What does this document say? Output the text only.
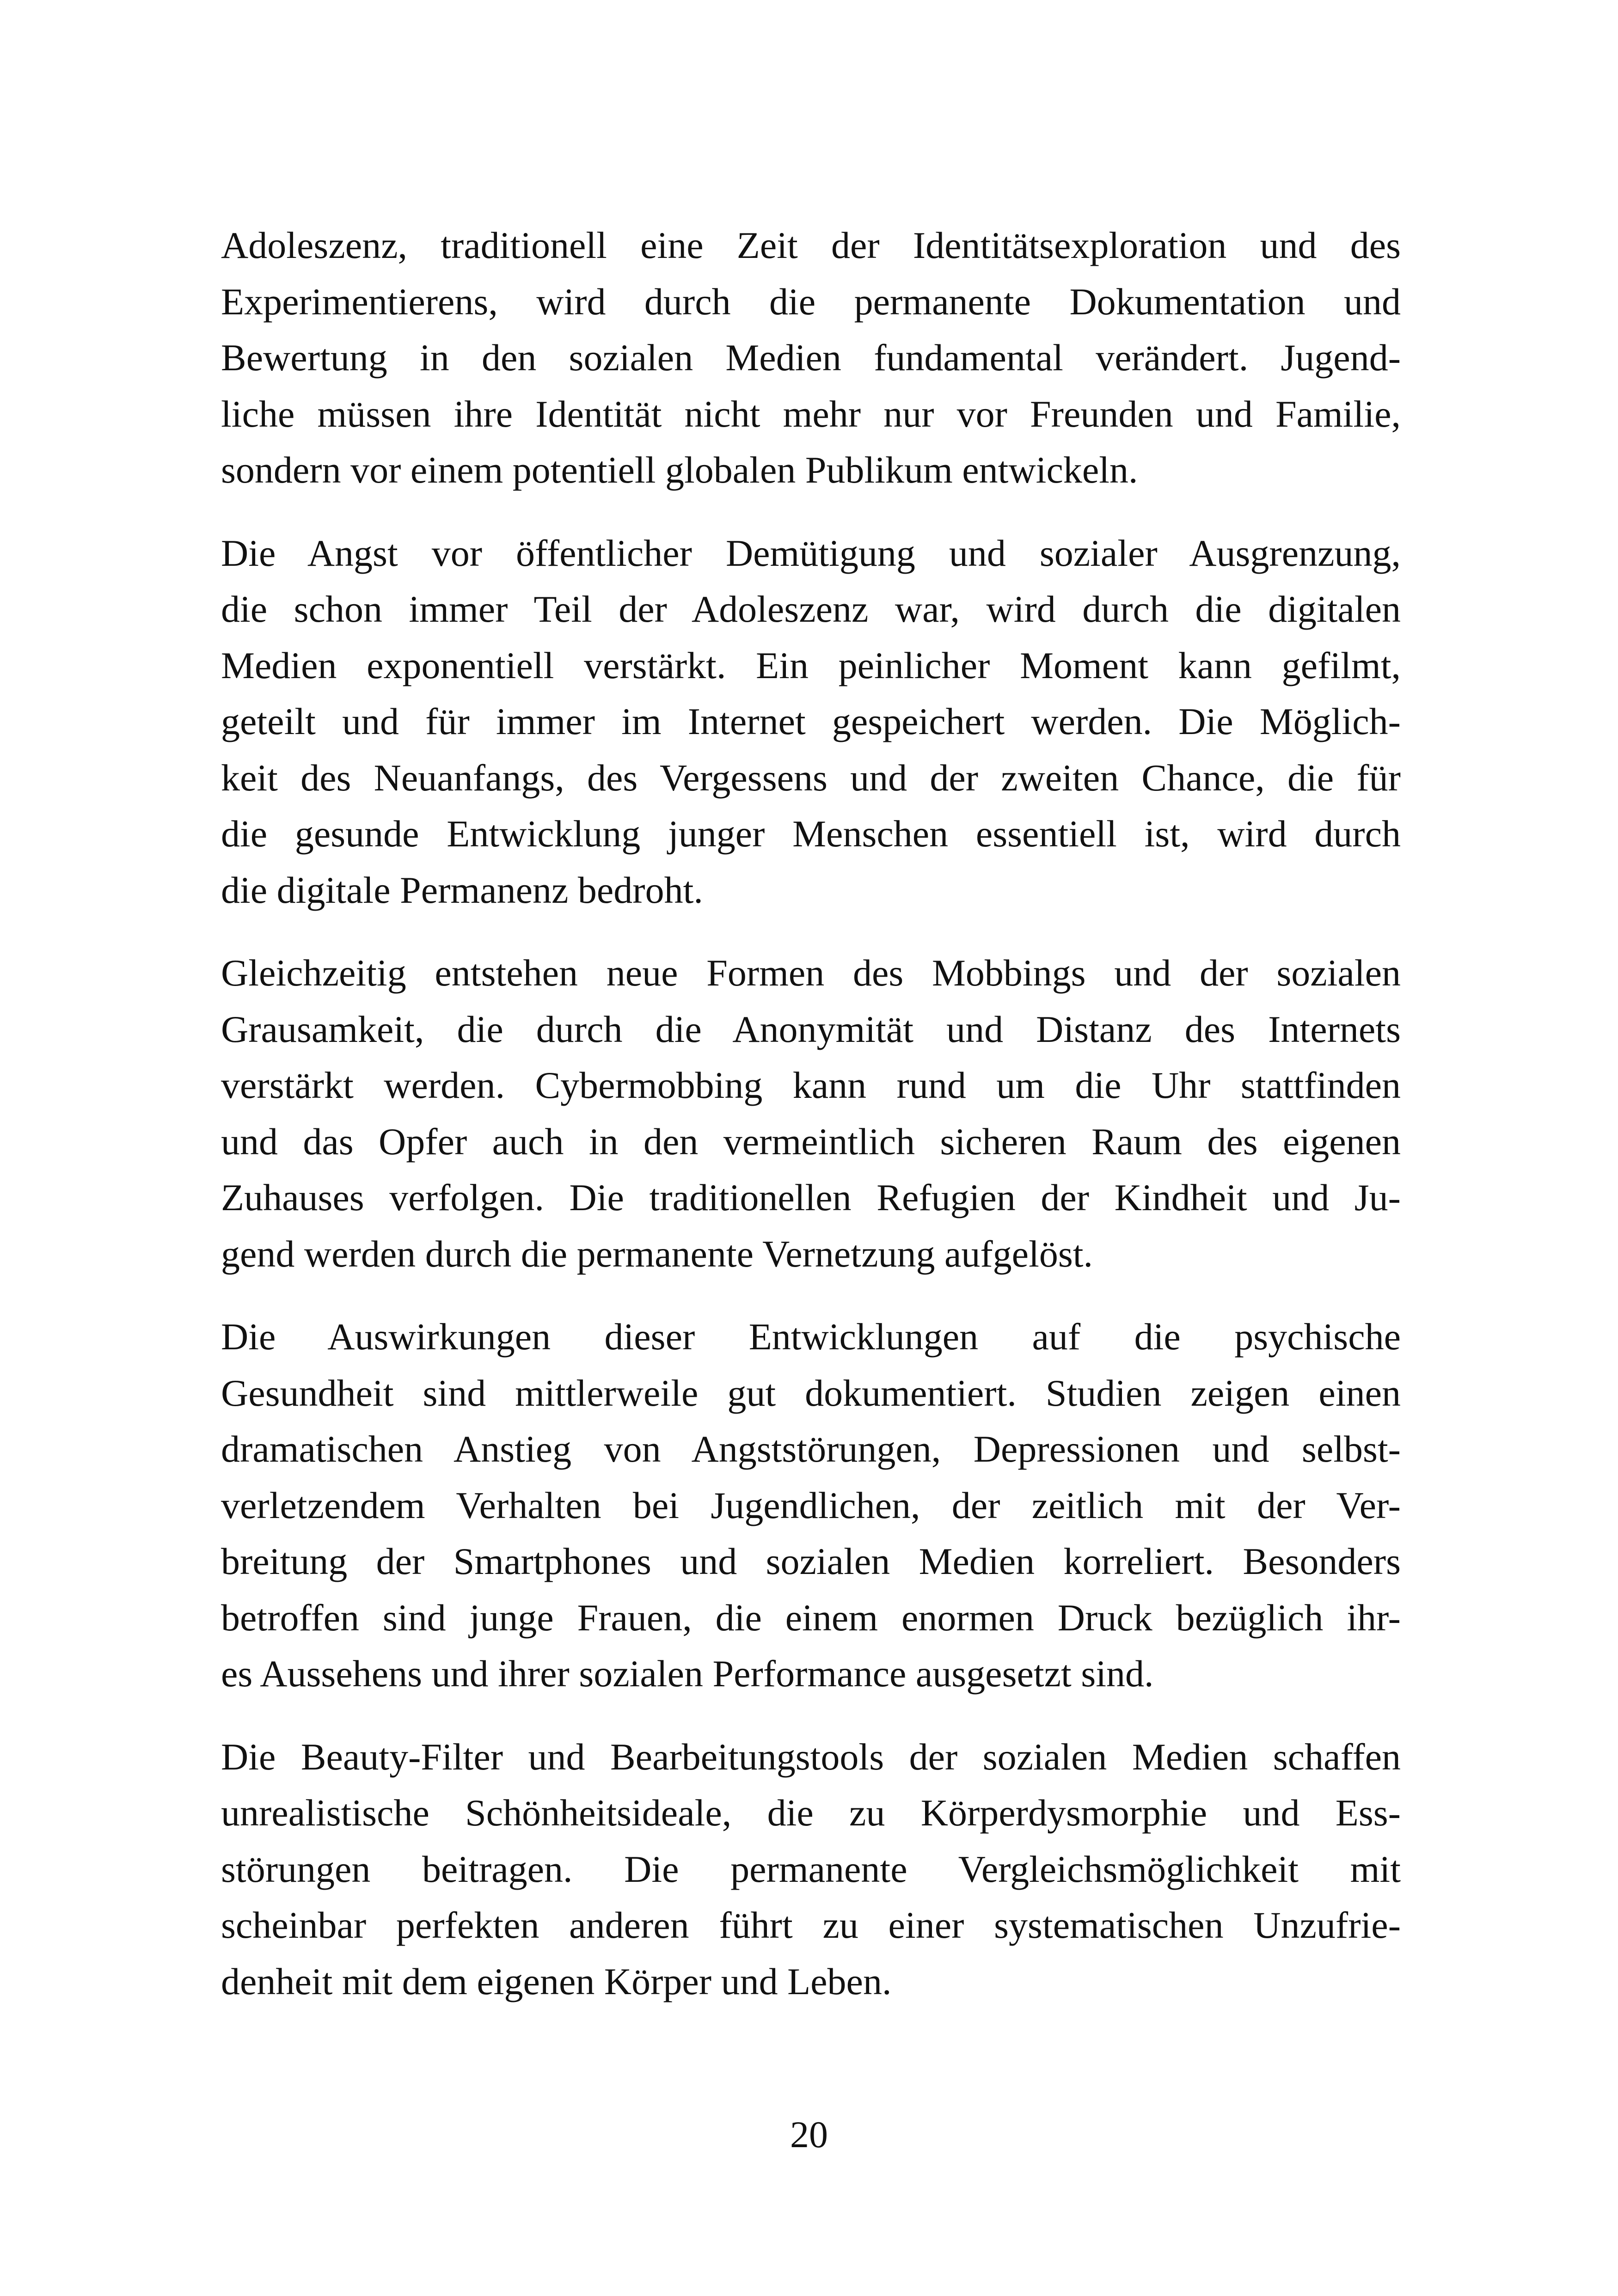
Adoleszenz, traditionell eine Zeit der Identitätsexploration und des
Experimentierens, wird durch die permanente Dokumentation und
Bewertung in den sozialen Medien fundamental verändert. Jugend-
liche müssen ihre Identität nicht mehr nur vor Freunden und Familie,
sondern vor einem potentiell globalen Publikum entwickeln.

Die Angst vor öffentlicher Demütigung und sozialer Ausgrenzung,
die schon immer Teil der Adoleszenz war, wird durch die digitalen
Medien exponentiell verstärkt. Ein peinlicher Moment kann gefilmt,
geteilt und für immer im Internet gespeichert werden. Die Möglich-
keit des Neuanfangs, des Vergessens und der zweiten Chance, die für
die gesunde Entwicklung junger Menschen essentiell ist, wird durch
die digitale Permanenz bedroht.

Gleichzeitig entstehen neue Formen des Mobbings und der sozialen
Grausamkeit, die durch die Anonymität und Distanz des Internets
verstärkt werden. Cybermobbing kann rund um die Uhr stattfinden
und das Opfer auch in den vermeintlich sicheren Raum des eigenen
Zuhauses verfolgen. Die traditionellen Refugien der Kindheit und Ju-
gend werden durch die permanente Vernetzung aufgelöst.

Die Auswirkungen dieser Entwicklungen auf die psychische
Gesundheit sind mittlerweile gut dokumentiert. Studien zeigen einen
dramatischen Anstieg von Angststörungen, Depressionen und selbst-
verletzendem Verhalten bei Jugendlichen, der zeitlich mit der Ver-
breitung der Smartphones und sozialen Medien korreliert. Besonders
betroffen sind junge Frauen, die einem enormen Druck bezüglich ihr-
es Aussehens und ihrer sozialen Performance ausgesetzt sind.

Die Beauty-Filter und Bearbeitungstools der sozialen Medien schaffen
unrealistische Schönheitsideale, die zu Körperdysmorphie und Ess-
störungen beitragen. Die permanente Vergleichsmöglichkeit mit
scheinbar perfekten anderen führt zu einer systematischen Unzufrie-
denheit mit dem eigenen Körper und Leben.

20
